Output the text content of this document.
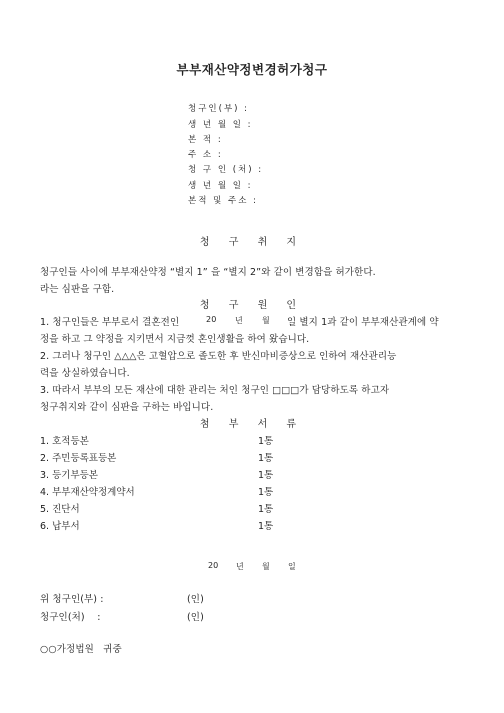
부부재산약정변경허가청구
청구인(부) :
생 년 월 일 :
본 적 :
주 소 :
청 구 인 (처) :
생 년 월 일 :
본적 및 주소 :
청 구 취 지
청구인들 사이에 부부재산약정 “별지 1” 을 “별지 2”와 같이 변경함을 허가한다.
라는 심판을 구함.
청 구 원 인
1. 청구인들은 부부로서 결혼전인	20 년 월 일 별지 1과 같이 부부재산관계에 약
정을 하고 그 약정을 지키면서 지금껏 혼인생활을 하여 왔습니다.
2. 그러나 청구인 △△△은 고혈압으로 졸도한 후 반신마비증상으로 인하여 재산관리능
력을 상실하였습니다.
3. 따라서 부부의 모든 재산에 대한 관리는 처인 청구인 □□□가 담당하도록 하고자
청구취지와 같이 심판을 구하는 바입니다.
첨 부 서 류
1. 호적등본	1통
2. 주민등록표등본	1통
3. 등기부등본	1통
4. 부부재산약정계약서	1통
5. 진단서	1통
6. 납부서	1통
20 년 월 일
위 청구인(부) :	(인)
청구인(처)    :	(인)
○○가정법원   귀중
